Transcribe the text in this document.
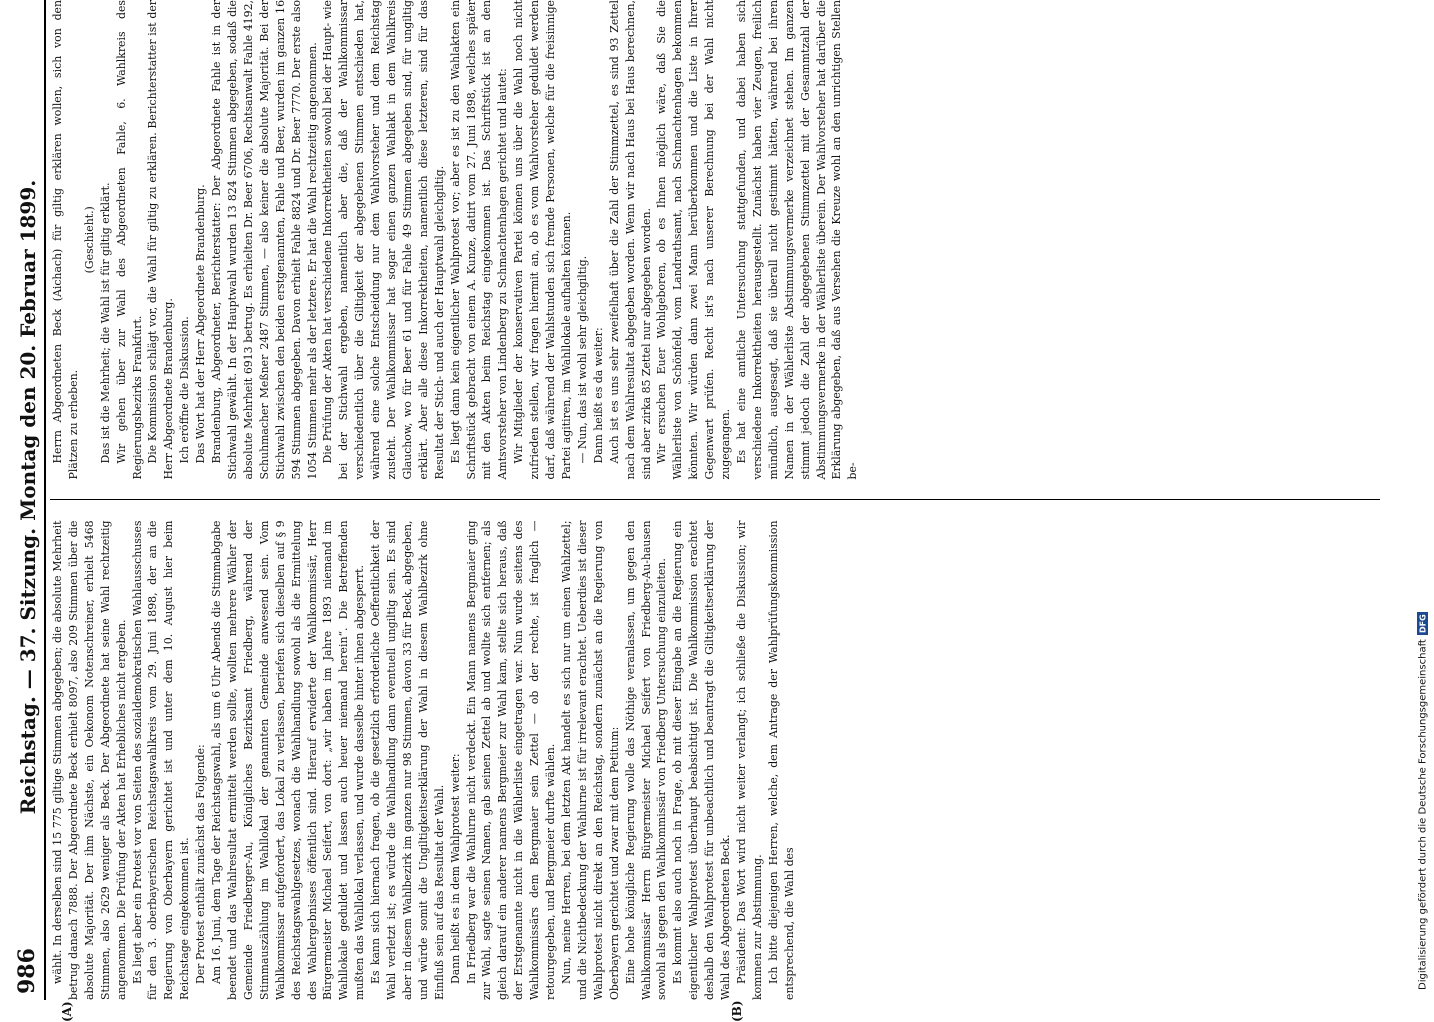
986
Reichstag. — 37. Sitzung. Montag den 20. Februar 1899. wählt. In derselben sind 15 775 giltige Stimmen abgegeben; die absolute Mehrheit betrug danach 7888. Der Abgeordnete Beck erhielt 8097, also 209 Stimmen über die absolute Majorität. Der ihm Nächste, ein Oekonom Notenschreiner, erhielt 5468 Stimmen, also 2629 weniger als Beck. Der Abgeordnete hat seine Wahl rechtzeitig angenommen. Die Prüfung der Akten hat Erhebliches nicht ergeben. Es liegt aber ein Protest vor von Seiten des sozialdemokratischen Wahlausschusses für den 3. oberbayerischen Reichstagswahlkreis vom 29. Juni 1898, der an die Regierung von Oberbayern gerichtet ist und unter dem 10. August hier beim Reichstage eingekommen ist. Der Protest enthält zunächst das Folgende: Am 16. Juni, dem Tage der Reichstagswahl, als um 6 Uhr Abends die Stimmabgabe beendet und das Wahlresultat ermittelt werden sollte, wollten mehrere Wähler der Gemeinde Friedberger-Au, Königliches Bezirksamt Friedberg, während der Stimmauszählung im Wahllokal der genannten Gemeinde anwesend sein. Vom Wahlkommissar aufgefordert, das Lokal zu verlassen, beriefen sich dieselben auf § 9 des Reichstagswahlgesetzes, wonach die Wahlhandlung sowohl als die Ermittelung des Wahlergebnisses öffentlich sind. Hierauf erwiderte der Wahlkommissär, Herr Bürgermeister Michael Seifert, von dort: „wir haben im Jahre 1893 niemand im Wahllokale geduldet und lassen auch heuer niemand herein“. Die Betreffenden mußten das Wahllokal verlassen, und wurde dasselbe hinter ihnen abgesperrt. Es kann sich hiernach fragen, ob die gesetzlich erforderliche Oeffentlichkeit der Wahl verletzt ist; es würde die Wahlhandlung dann eventuell ungiltig sein. Es sind aber in diesem Wahlbezirk im ganzen nur 98 Stimmen, davon 33 für Beck, abgegeben, und würde somit die Ungiltigkeitserklärung der Wahl in diesem Wahlbezirk ohne Einfluß sein auf das Resultat der Wahl. Dann heißt es in dem Wahlprotest weiter: In Friedberg war die Wahlurne nicht verdeckt. Ein Mann namens Bergmaier ging zur Wahl, sagte seinen Namen, gab seinen Zettel ab und wollte sich entfernen; als gleich darauf ein anderer namens Bergmeier zur Wahl kam, stellte sich heraus, daß der Erstgenannte nicht in die Wählerliste eingetragen war. Nun wurde seitens des Wahlkommissärs dem Bergmaier sein Zettel — ob der rechte, ist fraglich — retourgegeben, und Bergmeier durfte wählen. Nun, meine Herren, bei dem letzten Akt handelt es sich nur um einen Wahlzettel; und die Nichtbedeckung der Wahlurne ist für irrelevant erachtet. Ueberdies ist dieser Wahlprotest nicht direkt an den Reichstag, sondern zunächst an die Regierung von Oberbayern gerichtet und zwar mit dem Petitum: Eine hohe königliche Regierung wolle das Nöthige veranlassen, um gegen den Wahlkommissär Herrn Bürgermeister Michael Seifert von Friedberg-Au-hausen sowohl als gegen den Wahlkommissär von Friedberg Untersuchung einzuleiten. Es kommt also auch noch in Frage, ob mit dieser Eingabe an die Regierung ein eigentlicher Wahlprotest überhaupt beabsichtigt ist. Die Wahlkommission erachtet deshalb den Wahlprotest für unbeachtlich und beantragt die Giltigkeitserklärung der Wahl des Abgeordneten Beck. Präsident: Das Wort wird nicht weiter verlangt; ich schließe die Diskussion; wir kommen zur Abstimmung. Ich bitte diejenigen Herren, welche, dem Antrage der Wahlprüfungskommission entsprechend, die Wahl des

Herrn Abgeordneten Beck (Aichach) für giltig erklären wollen, sich von den Plätzen zu erheben.

(Geschieht.) Das ist die Mehrheit; die Wahl ist für giltig erklärt. Wir gehen über zur Wahl des Abgeordneten Fahle, 6. Wahlkreis des Regierungsbezirks Frankfurt. Die Kommission schlägt vor, die Wahl für giltig zu erklären. Berichterstatter ist der Herr Abgeordnete Brandenburg. Ich eröffne die Diskussion. Das Wort hat der Herr Abgeordnete Brandenburg. Brandenburg, Abgeordneter, Berichterstatter: Der Abgeordnete Fahle ist in der Stichwahl gewählt. In der Hauptwahl wurden 13 824 Stimmen abgegeben, sodaß die absolute Mehrheit 6913 betrug. Es erhielten Dr. Beer 6706, Rechtsanwalt Fahle 4192, Schuhmacher Meßner 2487 Stimmen, — also keiner die absolute Majorität. Bei der Stichwahl zwischen den beiden erstgenannten, Fahle und Beer, wurden im ganzen 16 594 Stimmen abgegeben. Davon erhielt Fahle 8824 und Dr. Beer 7770. Der erste also 1054 Stimmen mehr als der letztere. Er hat die Wahl rechtzeitig angenommen. Die Prüfung der Akten hat verschiedene Inkorrektheiten sowohl bei der Haupt- wie bei der Stichwahl ergeben, namentlich aber die, daß der Wahlkommissar verschiedentlich über die Giltigkeit der abgegebenen Stimmen entschieden hat, während eine solche Entscheidung nur dem Wahlvorsteher und dem Reichstag zusteht. Der Wahlkommissar hat sogar einen ganzen Wahlakt in dem Wahlkreis Glauchow, wo für Beer 61 und für Fahle 49 Stimmen abgegeben sind, für ungiltig erklärt. Aber alle diese Inkorrektheiten, namentlich diese letzteren, sind für das Resultat der Stich- und auch der Hauptwahl gleichgiltig. Es liegt dann kein eigentlicher Wahlprotest vor; aber es ist zu den Wahlakten ein Schriftstück gebracht von einem A. Kunze, datirt vom 27. Juni 1898, welches später mit den Akten beim Reichstag eingekommen ist. Das Schriftstück ist an den Amtsvorsteher von Lindenberg zu Schmachtenhagen gerichtet und lautet: Wir Mitglieder der konservativen Partei können uns über die Wahl noch nicht zufrieden stellen, wir fragen hiermit an, ob es vom Wahlvorsteher geduldet werden darf, daß während der Wahlstunden sich fremde Personen, welche für die freisinnige Partei agitiren, im Wahllokale aufhalten können. — Nun, das ist wohl sehr gleichgiltig. Dann heißt es da weiter: Auch ist es uns sehr zweifelhaft über die Zahl der Stimmzettel, es sind 93 Zettel nach dem Wahlresultat abgegeben worden. Wenn wir nach Haus bei Haus berechnen, sind aber zirka 85 Zettel nur abgegeben worden. Wir ersuchen Euer Wohlgeboren, ob es Ihnen möglich wäre, daß Sie die Wählerliste von Schönfeld, vom Landrathsamt, nach Schmachtenhagen bekommen könnten. Wir würden dann zwei Mann herüberkommen und die Liste in Ihrer Gegenwart prüfen. Recht ist's nach unserer Berechnung bei der Wahl nicht zugegangen. Es hat eine amtliche Untersuchung stattgefunden, und dabei haben sich verschiedene Inkorrektheiten herausgestellt. Zunächst haben vier Zeugen, freilich mündlich, ausgesagt, daß sie überall nicht gestimmt hätten, während bei ihren Namen in der Wählerliste Abstimmungsvermerke verzeichnet stehen. Im ganzen stimmt jedoch die Zahl der abgegebenen Stimmzettel mit der Gesammtzahl der Abstimmungsvermerke in der Wählerliste überein. Der Wahlvorsteher hat darüber die Erklärung abgegeben, daß aus Versehen die Kreuze wohl an den unrichtigen Stellen be-

(A)	(B)
Digitalisierung gefördert durch die Deutsche Forschungsgemeinschaft
DFG
